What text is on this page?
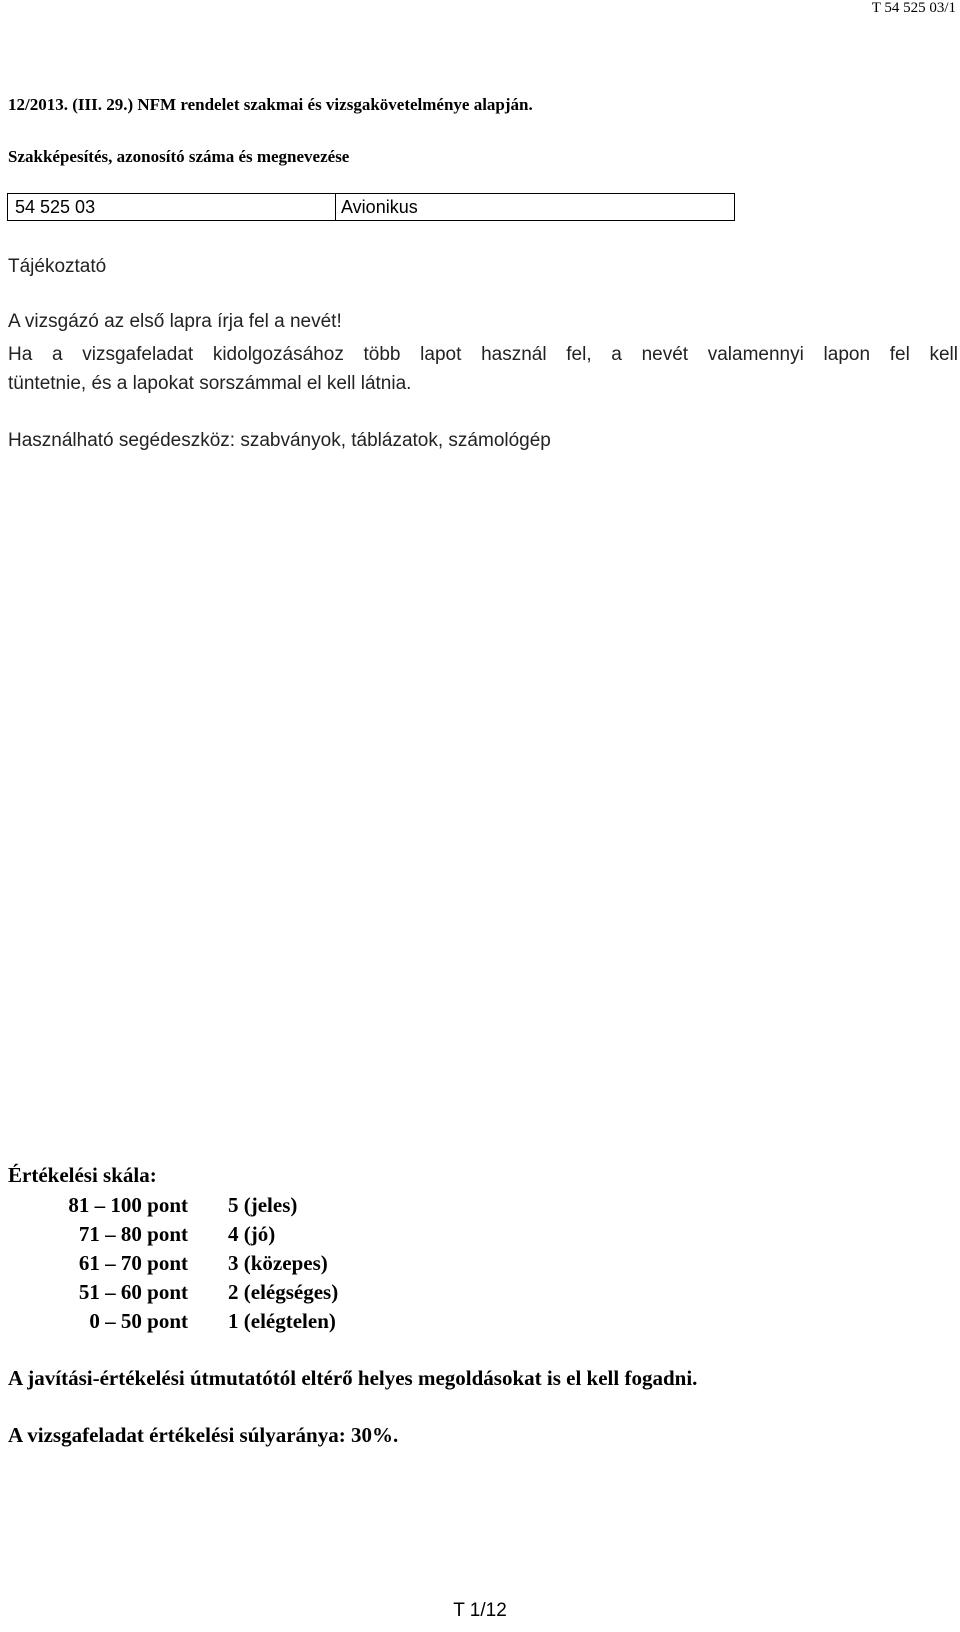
T 54 525 03/1
12/2013. (III. 29.) NFM rendelet szakmai és vizsgakövetelménye alapján.
Szakképesítés, azonosító száma és megnevezése
54 525 03	Avionikus
Tájékoztató
A vizsgázó az első lapra írja fel a nevét!
Ha a vizsgafeladat kidolgozásához több lapot használ fel, a nevét valamennyi lapon fel kell
tüntetnie, és a lapokat sorszámmal el kell látnia.
Használható segédeszköz: szabványok, táblázatok, számológép
Értékelési skála:
81 – 100 pont 5 (jeles)
71 – 80 pont 4 (jó)
61 – 70 pont 3 (közepes)
51 – 60 pont 2 (elégséges)
0 – 50 pont 1 (elégtelen)
A javítási-értékelési útmutatótól eltérő helyes megoldásokat is el kell fogadni.
A vizsgafeladat értékelési súlyaránya: 30%.
T 1/12
